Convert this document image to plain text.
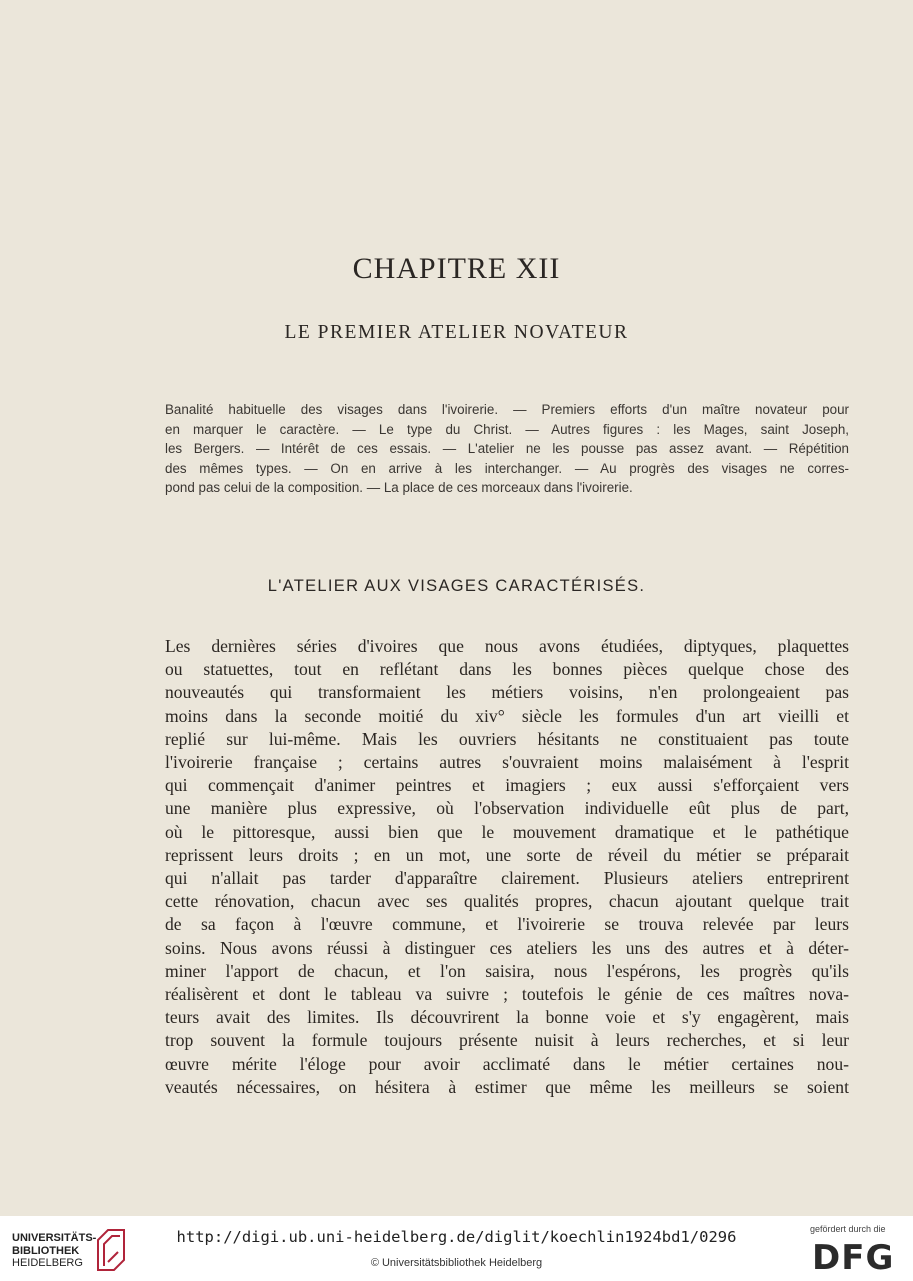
CHAPITRE XII
LE PREMIER ATELIER NOVATEUR
Banalité habituelle des visages dans l'ivoirerie. — Premiers efforts d'un maître novateur pour
en marquer le caractère. — Le type du Christ. — Autres figures : les Mages, saint Joseph,
les Bergers. — Intérêt de ces essais. — L'atelier ne les pousse pas assez avant. — Répétition
des mêmes types. — On en arrive à les interchanger. — Au progrès des visages ne corres-
pond pas celui de la composition. — La place de ces morceaux dans l'ivoirerie.
L'ATELIER AUX VISAGES CARACTÉRISÉS.
Les dernières séries d'ivoires que nous avons étudiées, diptyques, plaquettes
ou statuettes, tout en reflétant dans les bonnes pièces quelque chose des
nouveautés qui transformaient les métiers voisins, n'en prolongeaient pas
moins dans la seconde moitié du xiv° siècle les formules d'un art vieilli et
replié sur lui-même. Mais les ouvriers hésitants ne constituaient pas toute
l'ivoirerie française ; certains autres s'ouvraient moins malaisément à l'esprit
qui commençait d'animer peintres et imagiers ; eux aussi s'efforçaient vers
une manière plus expressive, où l'observation individuelle eût plus de part,
où le pittoresque, aussi bien que le mouvement dramatique et le pathétique
reprissent leurs droits ; en un mot, une sorte de réveil du métier se préparait
qui n'allait pas tarder d'apparaître clairement. Plusieurs ateliers entreprirent
cette rénovation, chacun avec ses qualités propres, chacun ajoutant quelque trait
de sa façon à l'œuvre commune, et l'ivoirerie se trouva relevée par leurs
soins. Nous avons réussi à distinguer ces ateliers les uns des autres et à déter-
miner l'apport de chacun, et l'on saisira, nous l'espérons, les progrès qu'ils
réalisèrent et dont le tableau va suivre ; toutefois le génie de ces maîtres nova-
teurs avait des limites. Ils découvrirent la bonne voie et s'y engagèrent, mais
trop souvent la formule toujours présente nuisit à leurs recherches, et si leur
œuvre mérite l'éloge pour avoir acclimaté dans le métier certaines nou-
veautés nécessaires, on hésitera à estimer que même les meilleurs se soient
UNIVERSITÄTS-
BIBLIOTHEK
HEIDELBERG
http://digi.ub.uni-heidelberg.de/diglit/koechlin1924bd1/0296
© Universitätsbibliothek Heidelberg
gefördert durch die
DFG
